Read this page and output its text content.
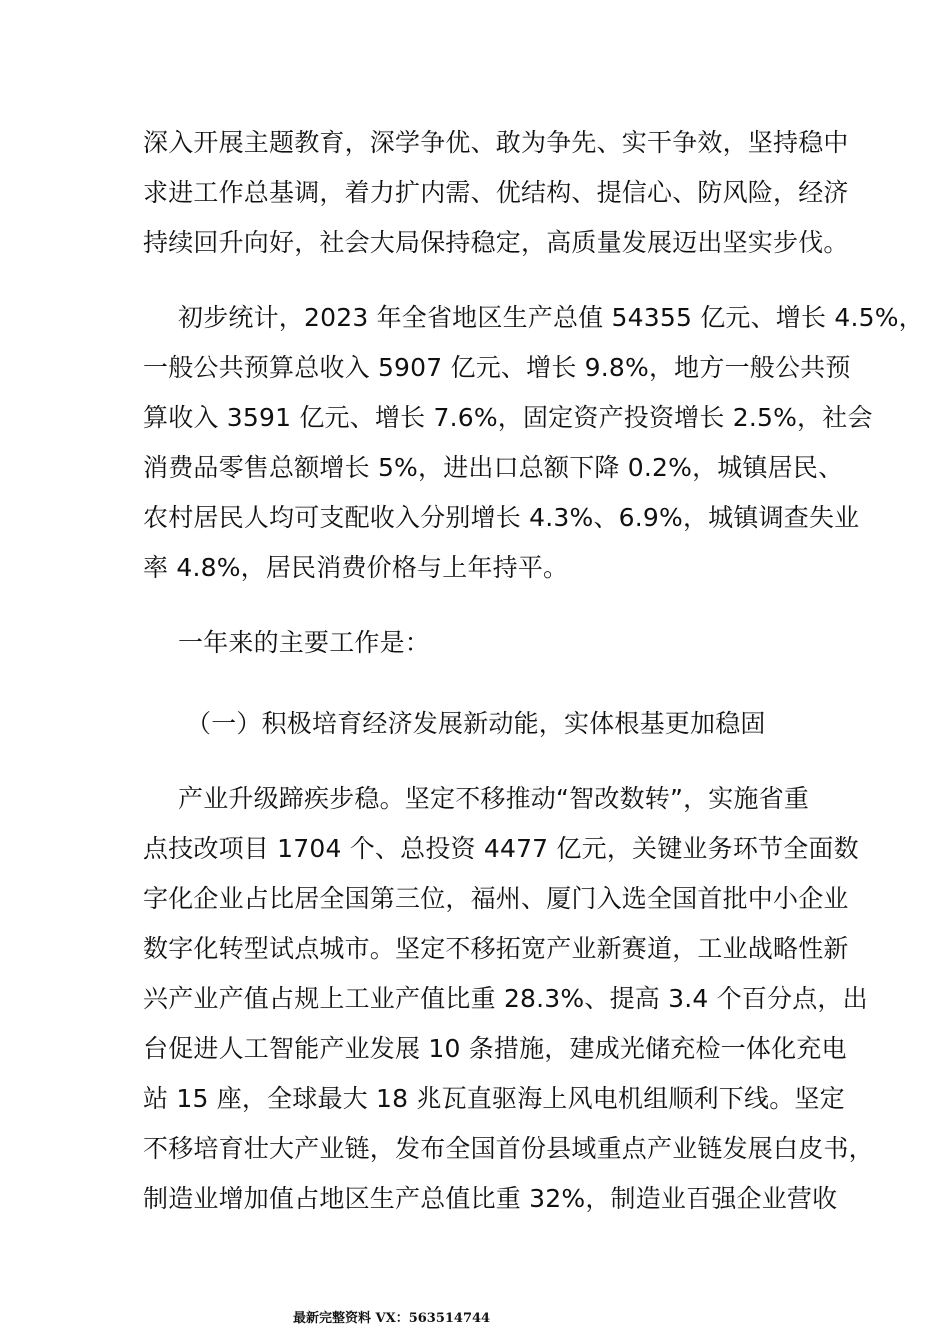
深入开展主题教育，深学争优、敢为争先、实干争效，坚持稳中
求进工作总基调，着力扩内需、优结构、提信心、防风险，经济
持续回升向好，社会大局保持稳定，高质量发展迈出坚实步伐。
初步统计，2023 年全省地区生产总值 54355 亿元、增长 4.5%，
一般公共预算总收入 5907 亿元、增长 9.8%，地方一般公共预
算收入 3591 亿元、增长 7.6%，固定资产投资增长 2.5%，社会
消费品零售总额增长 5%，进出口总额下降 0.2%，城镇居民、
农村居民人均可支配收入分别增长 4.3%、6.9%，城镇调查失业
率 4.8%，居民消费价格与上年持平。
一年来的主要工作是：
（一）积极培育经济发展新动能，实体根基更加稳固
产业升级蹄疾步稳。坚定不移推动“智改数转”，实施省重
点技改项目 1704 个、总投资 4477 亿元，关键业务环节全面数
字化企业占比居全国第三位，福州、厦门入选全国首批中小企业
数字化转型试点城市。坚定不移拓宽产业新赛道，工业战略性新
兴产业产值占规上工业产值比重 28.3%、提高 3.4 个百分点，出
台促进人工智能产业发展 10 条措施，建成光储充检一体化充电
站 15 座，全球最大 18 兆瓦直驱海上风电机组顺利下线。坚定
不移培育壮大产业链，发布全国首份县域重点产业链发展白皮书，
制造业增加值占地区生产总值比重 32%，制造业百强企业营收
最新完整资料 VX：563514744
